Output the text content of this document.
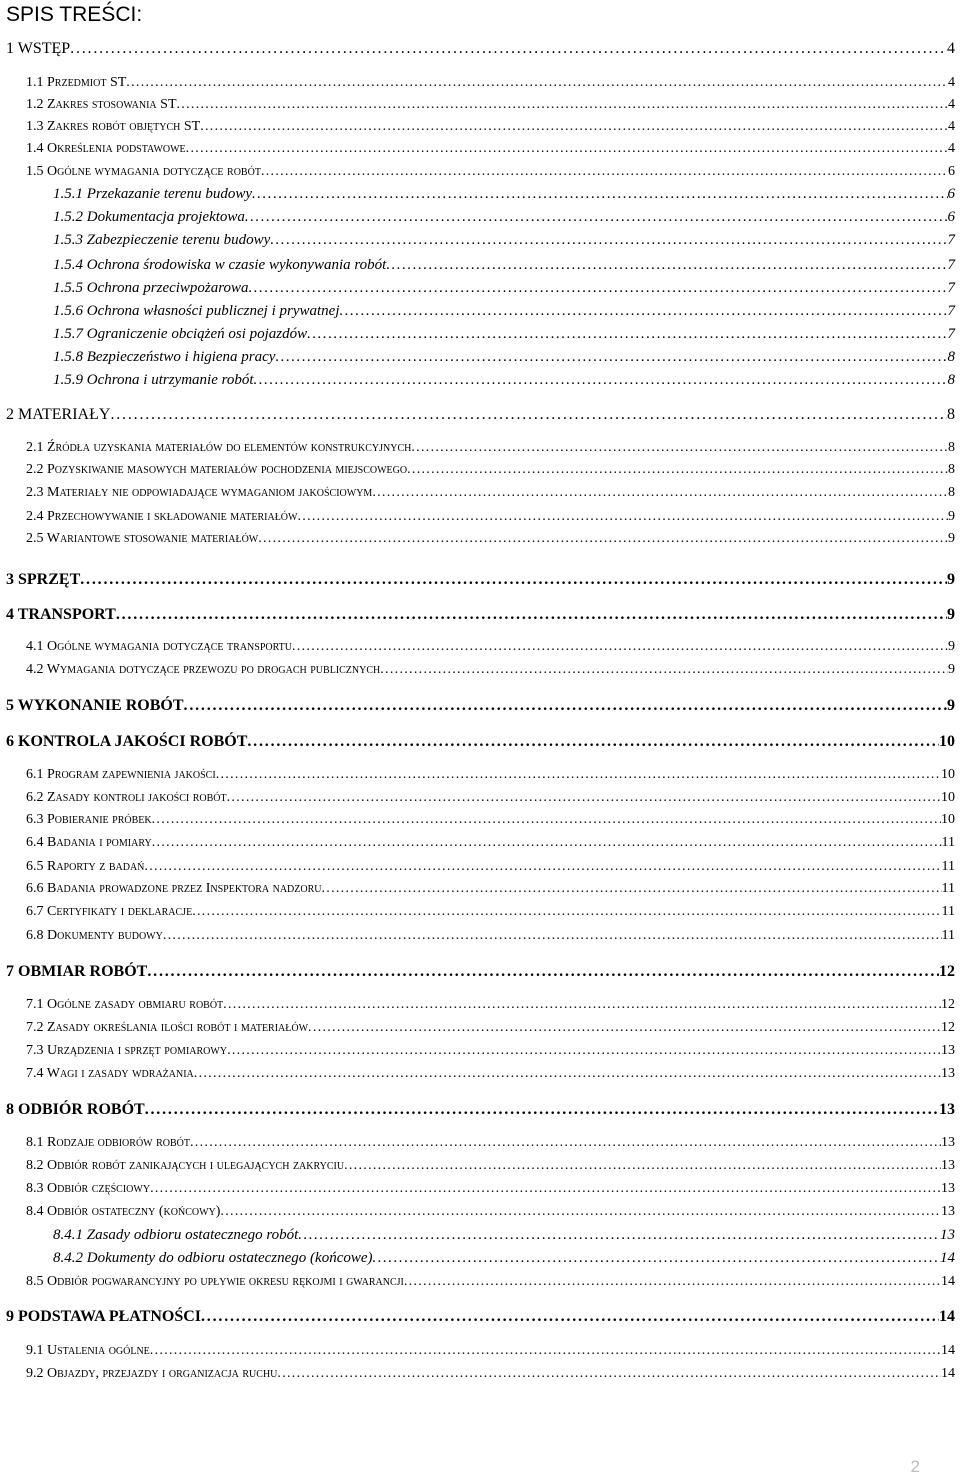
SPIS TREŚCI:
1 WSTĘP . . .	4
1.1 Przedmiot ST . . .	4
1.2 Zakres stosowania ST . . .	4
1.3 Zakres robót objętych ST . . .	4
1.4 Określenia podstawowe . . .	4
1.5 Ogólne wymagania dotyczące robót . . .	6
1.5.1 Przekazanie terenu budowy . . .	6
1.5.2 Dokumentacja projektowa . . .	6
1.5.3 Zabezpieczenie terenu budowy . . .	7
1.5.4 Ochrona środowiska w czasie wykonywania robót . . .	7
1.5.5 Ochrona przeciwpożarowa . . .	7
1.5.6 Ochrona własności publicznej i prywatnej . . .	7
1.5.7 Ograniczenie obciążeń osi pojazdów . . .	7
1.5.8 Bezpieczeństwo i higiena pracy . . .	8
1.5.9 Ochrona i utrzymanie robót . . .	8
2 MATERIAŁY . . .	8
2.1 Źródła uzyskania materiałów do elementów konstrukcyjnych . . .	8
2.2 Pozyskiwanie masowych materiałów pochodzenia miejscowego . . .	8
2.3 Materiały nie odpowiadające wymaganiom jakościowym . . .	8
2.4 Przechowywanie i składowanie materiałów . . .	9
2.5 Wariantowe stosowanie materiałów . . .	9
3 SPRZĘT . . .	9
4 TRANSPORT . . .	9
4.1 Ogólne wymagania dotyczące transportu . . .	9
4.2 Wymagania dotyczące przewozu po drogach publicznych . . .	9
5 WYKONANIE ROBÓT . . .	9
6 KONTROLA JAKOŚCI ROBÓT . . .	10
6.1 Program zapewnienia jakości . . .	10
6.2 Zasady kontroli jakości robót . . .	10
6.3 Pobieranie próbek . . .	10
6.4 Badania i pomiary . . .	11
6.5 Raporty z badań . . .	11
6.6 Badania prowadzone przez Inspektora nadzoru . . .	11
6.7 Certyfikaty i deklaracje . . .	11
6.8 Dokumenty budowy . . .	11
7 OBMIAR ROBÓT . . .	12
7.1 Ogólne zasady obmiaru robót . . .	12
7.2 Zasady określania ilości robót i materiałów . . .	12
7.3 Urządzenia i sprzęt pomiarowy . . .	13
7.4 Wagi i zasady wdrażania . . .	13
8 ODBIÓR ROBÓT . . .	13
8.1 Rodzaje odbiorów robót . . .	13
8.2 Odbiór robót zanikających i ulegających zakryciu . . .	13
8.3 Odbiór częściowy . . .	13
8.4 Odbiór ostateczny (końcowy) . . .	13
8.4.1 Zasady odbioru ostatecznego robót . . .	13
8.4.2 Dokumenty do odbioru ostatecznego (końcowe) . . .	14
8.5 Odbiór pogwarancyjny po upływie okresu rękojmi i gwarancji . . .	14
9 PODSTAWA PŁATNOŚCI . . .	14
9.1 Ustalenia ogólne . . .	14
9.2 Objazdy, przejazdy i organizacja ruchu . . .	14
2
